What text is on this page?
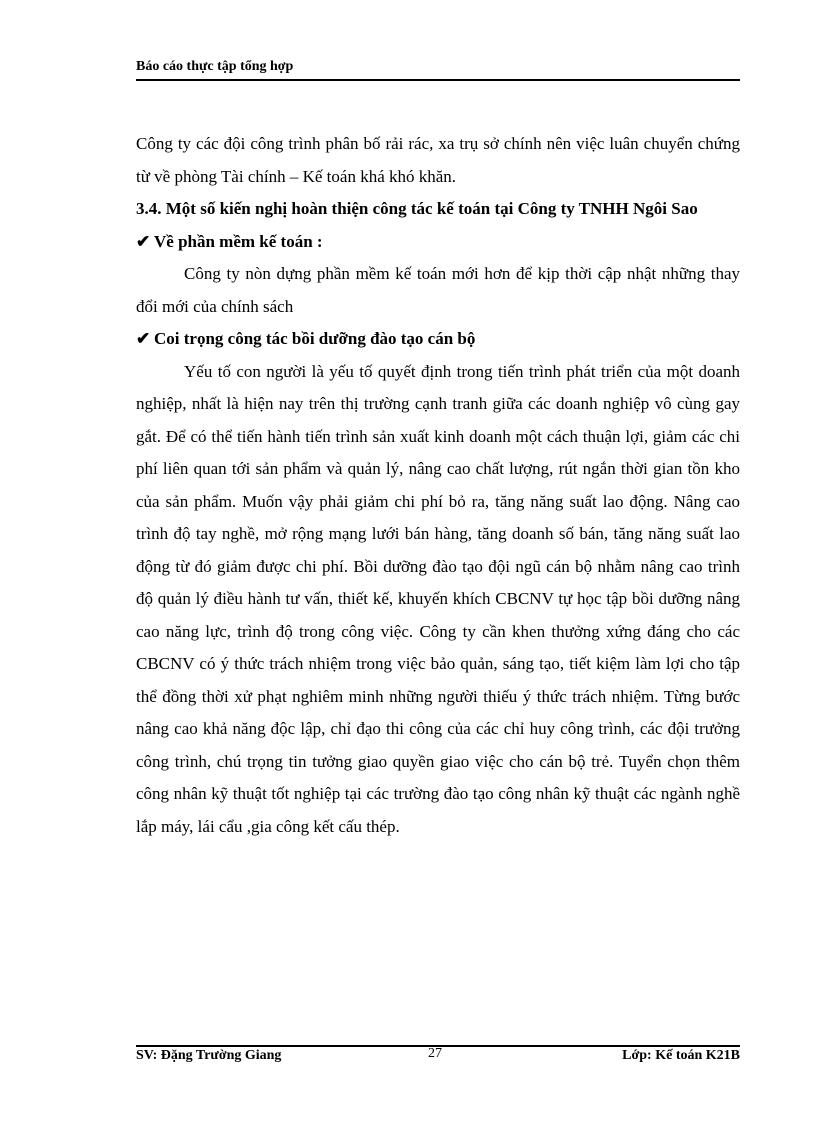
Báo cáo thực tập tổng hợp

Công ty các đội công trình phân bố rải rác, xa trụ sở chính nên việc luân chuyển chứng từ về phòng Tài chính – Kế toán khá khó khăn.

3.4. Một số kiến nghị hoàn thiện công tác kế toán tại Công ty TNHH Ngôi Sao

✔ Về phần mềm kế toán :

Công ty nòn dựng phần mềm kế toán mới hơn để kịp thời cập nhật những thay đổi mới của chính sách

✔ Coi trọng công tác bồi dưỡng đào tạo cán bộ

Yếu tố con người là yếu tố quyết định trong tiến trình phát triển của một doanh nghiệp, nhất là hiện nay trên thị trường cạnh tranh giữa các doanh nghiệp vô cùng gay gắt. Để có thể tiến hành tiến trình sản xuất kinh doanh một cách thuận lợi, giảm các chi phí liên quan tới sản phẩm và quản lý, nâng cao chất lượng, rút ngắn thời gian tồn kho của sản phẩm. Muốn vậy phải giảm chi phí bỏ ra, tăng năng suất lao động. Nâng cao trình độ tay nghề, mở rộng mạng lưới bán hàng, tăng doanh số bán, tăng năng suất lao động từ đó giảm được chi phí. Bồi dưỡng đào tạo đội ngũ cán bộ nhằm nâng cao trình độ quản lý điều hành tư vấn, thiết kế, khuyến khích CBCNV tự học tập bồi dưỡng nâng cao năng lực, trình độ trong công việc. Công ty cần khen thưởng xứng đáng cho các CBCNV có ý thức trách nhiệm trong việc bảo quản, sáng tạo, tiết kiệm làm lợi cho tập thể đồng thời xử phạt nghiêm minh những người thiếu ý thức trách nhiệm. Từng bước nâng cao khả năng độc lập, chỉ đạo thi công của các chỉ huy công trình, các đội trưởng công trình, chú trọng tin tưởng giao quyền giao việc cho cán bộ trẻ. Tuyển chọn thêm công nhân kỹ thuật tốt nghiệp tại các trường đào tạo công nhân kỹ thuật các ngành nghề lắp máy, lái cẩu ,gia công kết cấu thép.

SV: Đặng Trường Giang	27	Lớp: Kế toán K21B
